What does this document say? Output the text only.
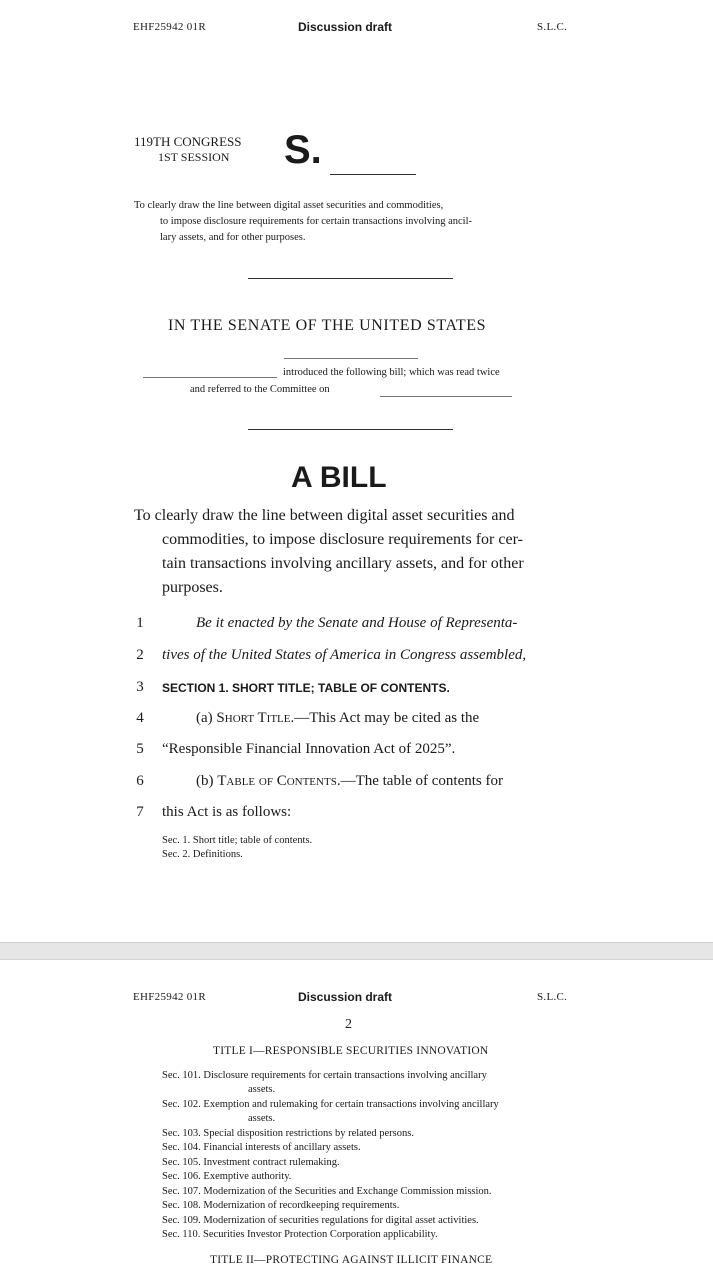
EHF25942 01R	Discussion draft	S.L.C.
119TH CONGRESS
1ST SESSION S.
To clearly draw the line between digital asset securities and commodities,
to impose disclosure requirements for certain transactions involving ancil-
lary assets, and for other purposes.
IN THE SENATE OF THE UNITED STATES
introduced the following bill; which was read twice
and referred to the Committee on
A BILL
To clearly draw the line between digital asset securities and
commodities, to impose disclosure requirements for cer-
tain transactions involving ancillary assets, and for other
purposes.
1	Be it enacted by the Senate and House of Representa-
2	tives of the United States of America in Congress assembled,
3	SECTION 1. SHORT TITLE; TABLE OF CONTENTS.
4	(a) Short Title.—This Act may be cited as the
5	“Responsible Financial Innovation Act of 2025”.
6	(b) Table of Contents.—The table of contents for
7	this Act is as follows:
Sec. 1. Short title; table of contents.
Sec. 2. Definitions.
EHF25942 01R	Discussion draft	S.L.C.
2
TITLE I—RESPONSIBLE SECURITIES INNOVATION
Sec. 101. Disclosure requirements for certain transactions involving ancillary
assets.
Sec. 102. Exemption and rulemaking for certain transactions involving ancillary
assets.
Sec. 103. Special disposition restrictions by related persons.
Sec. 104. Financial interests of ancillary assets.
Sec. 105. Investment contract rulemaking.
Sec. 106. Exemptive authority.
Sec. 107. Modernization of the Securities and Exchange Commission mission.
Sec. 108. Modernization of recordkeeping requirements.
Sec. 109. Modernization of securities regulations for digital asset activities.
Sec. 110. Securities Investor Protection Corporation applicability.
TITLE II—PROTECTING AGAINST ILLICIT FINANCE
